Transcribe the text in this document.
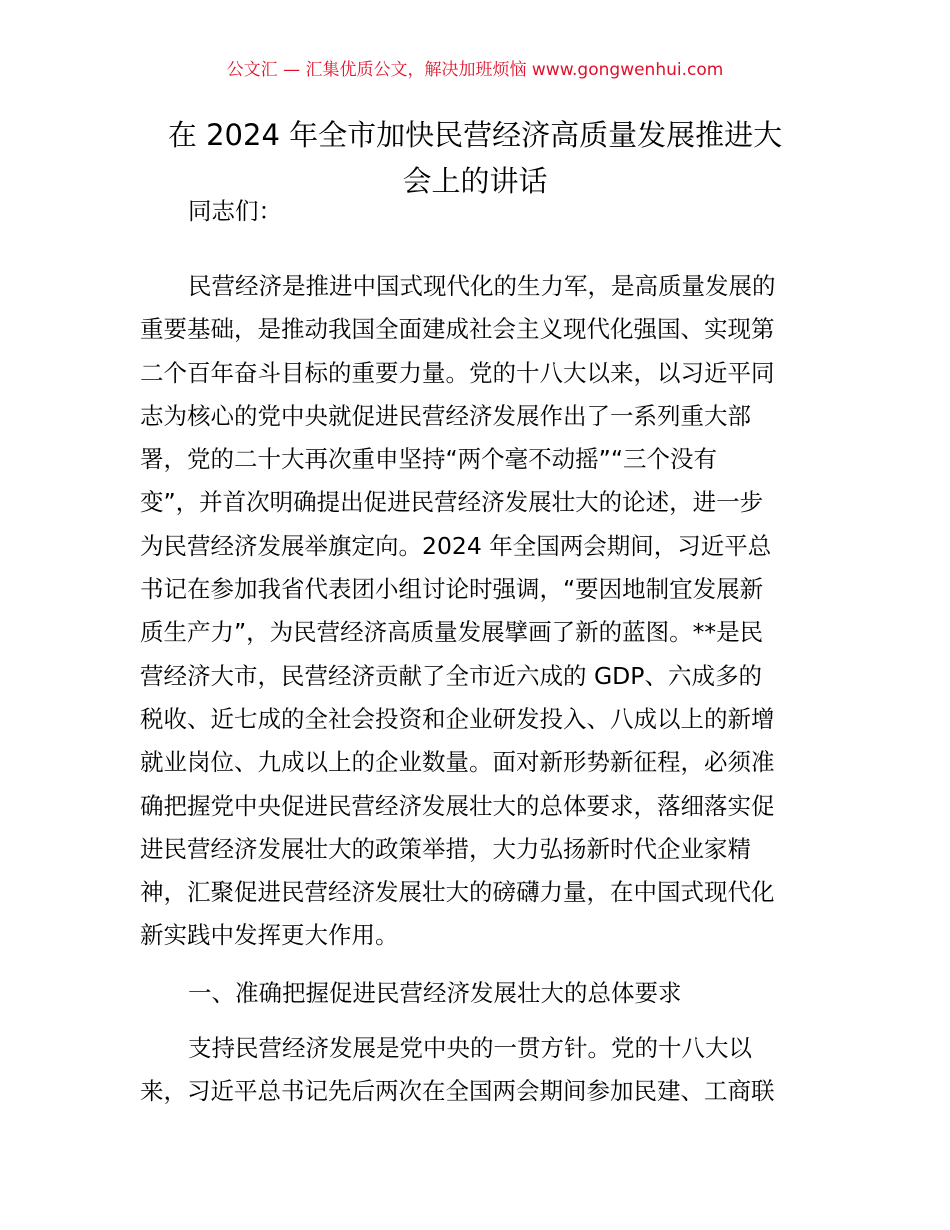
公文汇 — 汇集优质公文，解决加班烦恼 www.gongwenhui.com
在 2024 年全市加快民营经济高质量发展推进大
会上的讲话
同志们：
民营经济是推进中国式现代化的生力军，是高质量发展的
重要基础，是推动我国全面建成社会主义现代化强国、实现第
二个百年奋斗目标的重要力量。党的十八大以来，以习近平同
志为核心的党中央就促进民营经济发展作出了一系列重大部
署，党的二十大再次重申坚持“两个毫不动摇”“三个没有
变”，并首次明确提出促进民营经济发展壮大的论述，进一步
为民营经济发展举旗定向。2024 年全国两会期间，习近平总
书记在参加我省代表团小组讨论时强调，“要因地制宜发展新
质生产力”，为民营经济高质量发展擘画了新的蓝图。**是民
营经济大市，民营经济贡献了全市近六成的 GDP、六成多的
税收、近七成的全社会投资和企业研发投入、八成以上的新增
就业岗位、九成以上的企业数量。面对新形势新征程，必须准
确把握党中央促进民营经济发展壮大的总体要求，落细落实促
进民营经济发展壮大的政策举措，大力弘扬新时代企业家精
神，汇聚促进民营经济发展壮大的磅礴力量，在中国式现代化
新实践中发挥更大作用。
一、准确把握促进民营经济发展壮大的总体要求
支持民营经济发展是党中央的一贯方针。党的十八大以
来，习近平总书记先后两次在全国两会期间参加民建、工商联
